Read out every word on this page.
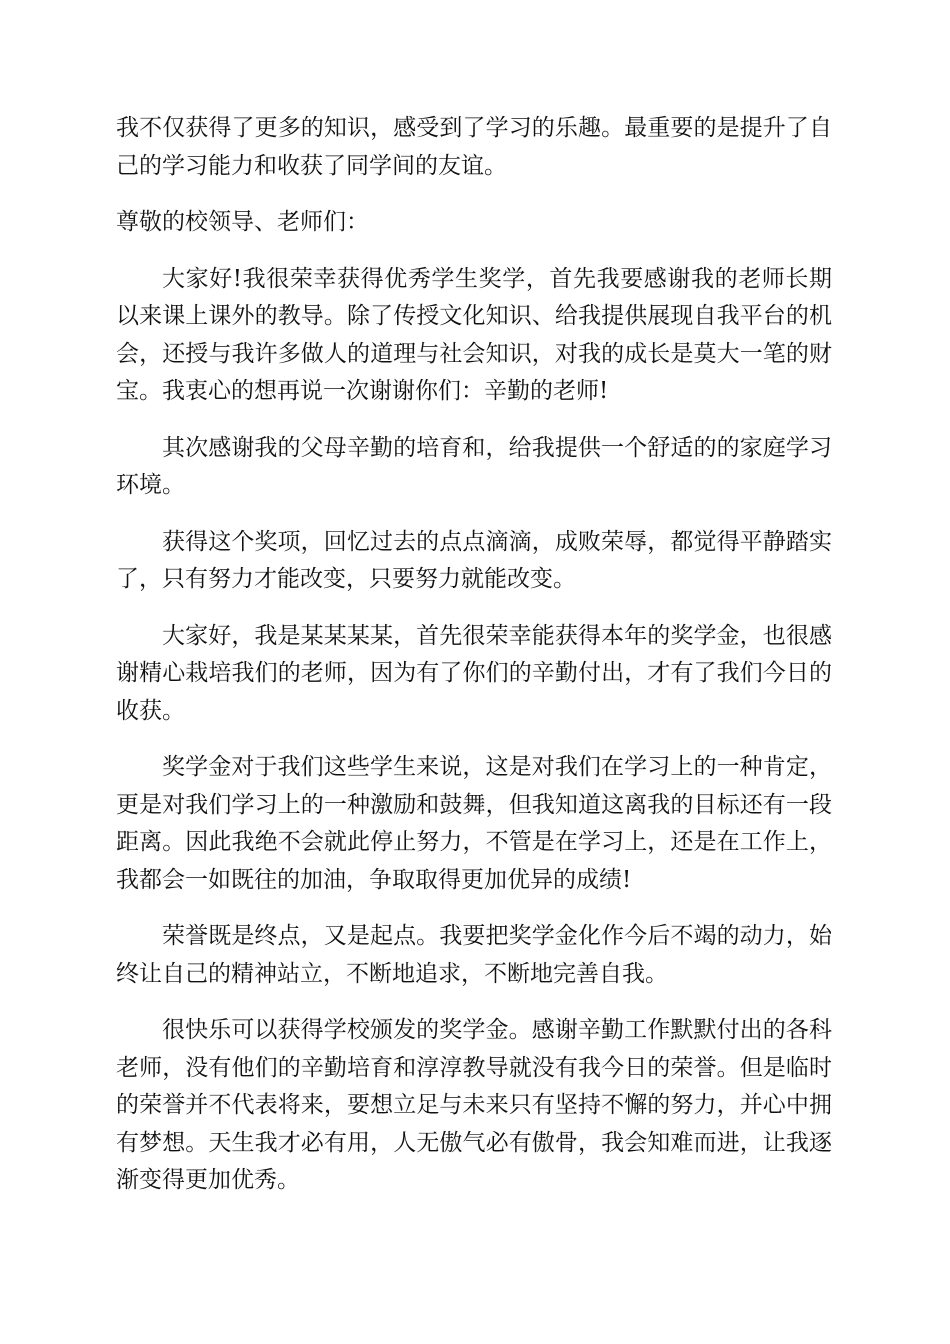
我不仅获得了更多的知识，感受到了学习的乐趣。最重要的是提升了自己的学习能力和收获了同学间的友谊。

尊敬的校领导、老师们：

大家好!我很荣幸获得优秀学生奖学，首先我要感谢我的老师长期以来课上课外的教导。除了传授文化知识、给我提供展现自我平台的机会，还授与我许多做人的道理与社会知识，对我的成长是莫大一笔的财宝。我衷心的想再说一次谢谢你们：辛勤的老师!

其次感谢我的父母辛勤的培育和，给我提供一个舒适的的家庭学习环境。

获得这个奖项，回忆过去的点点滴滴，成败荣辱，都觉得平静踏实了，只有努力才能改变，只要努力就能改变。

大家好，我是某某某某，首先很荣幸能获得本年的奖学金，也很感谢精心栽培我们的老师，因为有了你们的辛勤付出，才有了我们今日的收获。

奖学金对于我们这些学生来说，这是对我们在学习上的一种肯定，更是对我们学习上的一种激励和鼓舞，但我知道这离我的目标还有一段距离。因此我绝不会就此停止努力，不管是在学习上，还是在工作上，我都会一如既往的加油，争取取得更加优异的成绩!

荣誉既是终点，又是起点。我要把奖学金化作今后不竭的动力，始终让自己的精神站立，不断地追求，不断地完善自我。

很快乐可以获得学校颁发的奖学金。感谢辛勤工作默默付出的各科老师，没有他们的辛勤培育和淳淳教导就没有我今日的荣誉。但是临时的荣誉并不代表将来，要想立足与未来只有坚持不懈的努力，并心中拥有梦想。天生我才必有用，人无傲气必有傲骨，我会知难而进，让我逐渐变得更加优秀。
